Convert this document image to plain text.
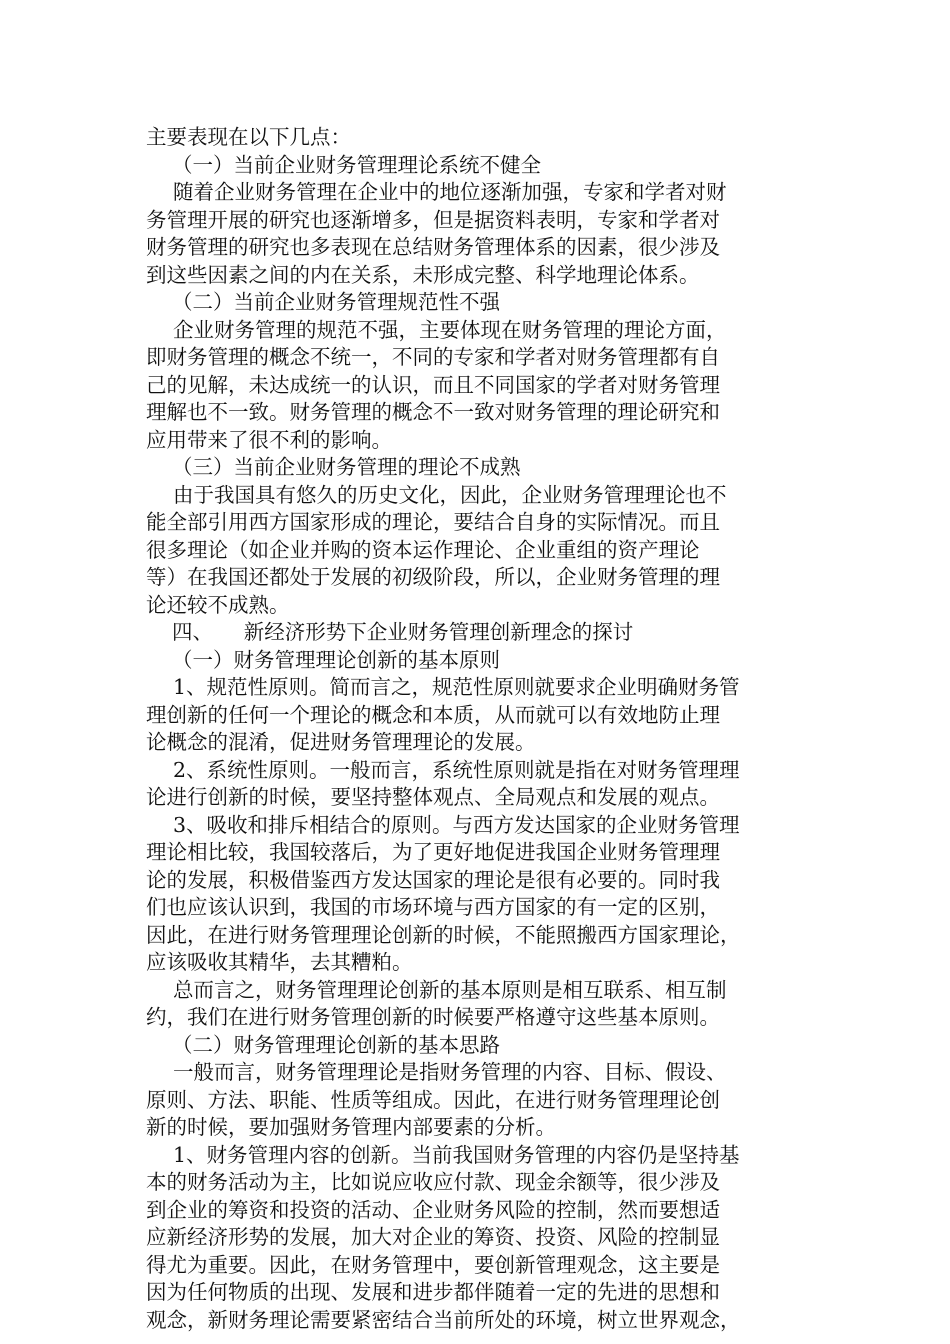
主要表现在以下几点：
（一）当前企业财务管理理论系统不健全
随着企业财务管理在企业中的地位逐渐加强，专家和学者对财
务管理开展的研究也逐渐增多，但是据资料表明，专家和学者对
财务管理的研究也多表现在总结财务管理体系的因素，很少涉及
到这些因素之间的内在关系，未形成完整、科学地理论体系。
（二）当前企业财务管理规范性不强
企业财务管理的规范不强，主要体现在财务管理的理论方面，
即财务管理的概念不统一，不同的专家和学者对财务管理都有自
己的见解，未达成统一的认识，而且不同国家的学者对财务管理
理解也不一致。财务管理的概念不一致对财务管理的理论研究和
应用带来了很不利的影响。
（三）当前企业财务管理的理论不成熟
由于我国具有悠久的历史文化，因此，企业财务管理理论也不
能全部引用西方国家形成的理论，要结合自身的实际情况。而且
很多理论（如企业并购的资本运作理论、企业重组的资产理论
等）在我国还都处于发展的初级阶段，所以，企业财务管理的理
论还较不成熟。
四、　　新经济形势下企业财务管理创新理念的探讨
（一）财务管理理论创新的基本原则
1、规范性原则。简而言之，规范性原则就要求企业明确财务管
理创新的任何一个理论的概念和本质，从而就可以有效地防止理
论概念的混淆，促进财务管理理论的发展。
2、系统性原则。一般而言，系统性原则就是指在对财务管理理
论进行创新的时候，要坚持整体观点、全局观点和发展的观点。
3、吸收和排斥相结合的原则。与西方发达国家的企业财务管理
理论相比较，我国较落后，为了更好地促进我国企业财务管理理
论的发展，积极借鉴西方发达国家的理论是很有必要的。同时我
们也应该认识到，我国的市场环境与西方国家的有一定的区别，
因此，在进行财务管理理论创新的时候，不能照搬西方国家理论，
应该吸收其精华，去其糟粕。
总而言之，财务管理理论创新的基本原则是相互联系、相互制
约，我们在进行财务管理创新的时候要严格遵守这些基本原则。
（二）财务管理理论创新的基本思路
一般而言，财务管理理论是指财务管理的内容、目标、假设、
原则、方法、职能、性质等组成。因此，在进行财务管理理论创
新的时候，要加强财务管理内部要素的分析。
1、财务管理内容的创新。当前我国财务管理的内容仍是坚持基
本的财务活动为主，比如说应收应付款、现金余额等，很少涉及
到企业的筹资和投资的活动、企业财务风险的控制，然而要想适
应新经济形势的发展，加大对企业的筹资、投资、风险的控制显
得尤为重要。因此，在财务管理中，要创新管理观念，这主要是
因为任何物质的出现、发展和进步都伴随着一定的先进的思想和
观念，新财务理论需要紧密结合当前所处的环境，树立世界观念，
